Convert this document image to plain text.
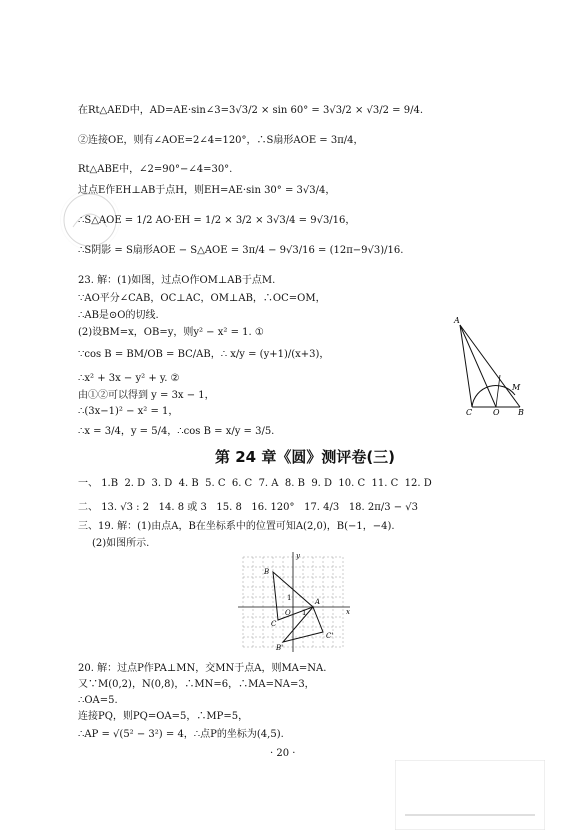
在Rt△AED中，AD=AE·sin∠3=3√3/2 × sin 60° = 3√3/2 × √3/2 = 9/4.
②连接OE，则有∠AOE=2∠4=120°，∴S扇形AOE = 3π/4，
Rt△ABE中，∠2=90°−∠4=30°.
过点E作EH⊥AB于点H，则EH=AE·sin 30° = 3√3/4，
∴S△AOE = 1/2 AO·EH = 1/2 × 3/2 × 3√3/4 = 9√3/16，
∴S阴影 = S扇形AOE − S△AOE = 3π/4 − 9√3/16 = (12π−9√3)/16.
23. 解：(1)如图，过点O作OM⊥AB于点M.
∵AO平分∠CAB，OC⊥AC，OM⊥AB，∴OC=OM，
∴AB是⊙O的切线.
(2)设BM=x，OB=y，则y² − x² = 1. ①
∵cos B = BM/OB = BC/AB，∴ x/y = (y+1)/(x+3)，
∴x² + 3x − y² + y. ②
由①②可以得到 y = 3x − 1，
∴(3x−1)² − x² = 1，
∴x = 3/4，y = 5/4，∴cos B = x/y = 3/5.
A
M
C	O B
第 24 章《圆》测评卷(三)
一、 1.B 2. D 3. D 4. B 5. C 6. C 7. A 8. B 9. D 10. C 11. C 12. D
二、 13. √3 : 2 14. 8 或 3 15. 8 16. 120° 17. 4/3 18. 2π/3 − √3
三、19. 解：(1)由点A，B在坐标系中的位置可知A(2,0)，B(−1，−4).
(2)如图所示.
y
x
O
1
B
B'
A
C
C'
1
20. 解：过点P作PA⊥MN，交MN于点A，则MA=NA.
又∵M(0,2)，N(0,8)，∴MN=6，∴MA=NA=3，
∴OA=5.
连接PQ，则PQ=OA=5，∴MP=5，
∴AP = √(5² − 3²) = 4，∴点P的坐标为(4,5).
· 20 ·
